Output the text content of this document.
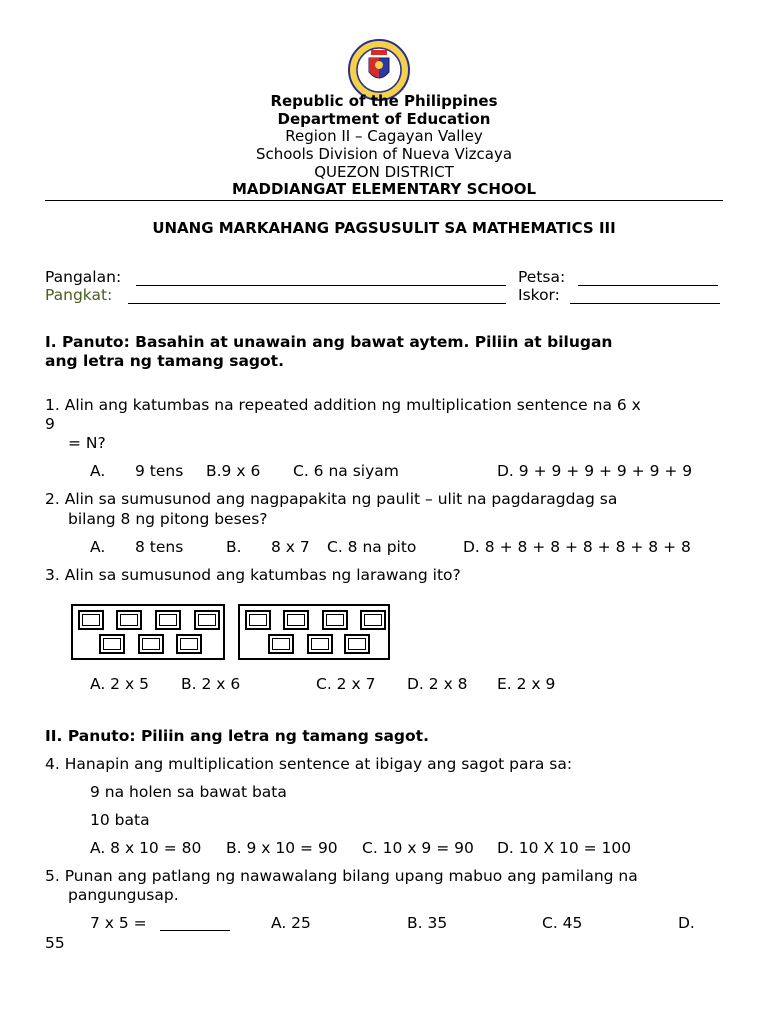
Republic of the Philippines
Department of Education
Region II – Cagayan Valley
Schools Division of Nueva Vizcaya
QUEZON DISTRICT
MADDIANGAT ELEMENTARY SCHOOL
UNANG MARKAHANG PAGSUSULIT SA MATHEMATICS III
Pangalan:	Petsa:
Pangkat:	Iskor:
I. Panuto: Basahin at unawain ang bawat aytem. Piliin at bilugan
ang letra ng tamang sagot.
1. Alin ang katumbas na repeated addition ng multiplication sentence na 6 x
9
= N?
A. 9 tens B.9 x 6 C. 6 na siyam	D. 9 + 9 + 9 + 9 + 9 + 9
2. Alin sa sumusunod ang nagpapakita ng paulit – ulit na pagdaragdag sa
bilang 8 ng pitong beses?
A. 8 tens	B. 8 x 7 C. 8 na pito	D. 8 + 8 + 8 + 8 + 8 + 8 + 8
3. Alin sa sumusunod ang katumbas ng larawang ito?
A. 2 x 5 B. 2 x 6	C. 2 x 7 D. 2 x 8 E. 2 x 9
II. Panuto: Piliin ang letra ng tamang sagot.
4. Hanapin ang multiplication sentence at ibigay ang sagot para sa:
9 na holen sa bawat bata
10 bata
A. 8 x 10 = 80 B. 9 x 10 = 90 C. 10 x 9 = 90 D. 10 X 10 = 100
5. Punan ang patlang ng nawawalang bilang upang mabuo ang pamilang na
pangungusap.
7 x 5 =	A. 25	B. 35	C. 45	D.
55
